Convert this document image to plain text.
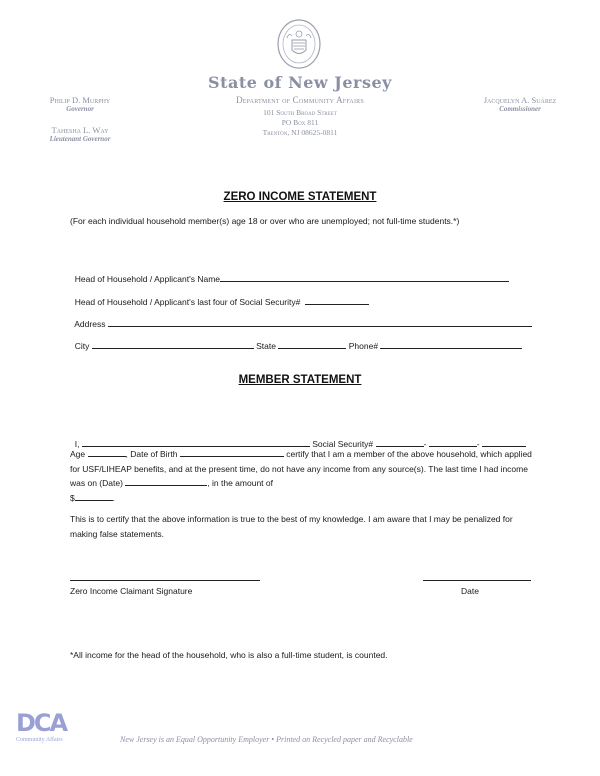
State of New Jersey
Department of Community Affairs
101 South Broad Street
PO Box 811
Trenton, NJ 08625-0811
Philip D. Murphy
Governor
Tahesha L. Way
Lieutenant Governor
Jacquelyn A. Suárez
Commissioner
ZERO INCOME STATEMENT
(For each individual household member(s) age 18 or over who are unemployed; not full-time students.*)

Head of Household / Applicant's Name

Head of Household / Applicant's last four of Social Security#

Address

City	State	Phone#

MEMBER STATEMENT

I,	Social Security#	-	-

Age	, Date of Birth	certify that I am a member of the above household, which applied for USF/LIHEAP benefits, and at the present time, do not have any income from any source(s). The last time I had income was on (Date)	, in the amount of
$	.
This is to certify that the above information is true to the best of my knowledge. I am aware that I may be penalized for making false statements.
Zero Income Claimant Signature	Date
*All income for the head of the household, who is also a full-time student, is counted.
DCA
Community Affairs	New Jersey is an Equal Opportunity Employer • Printed on Recycled paper and Recyclable
